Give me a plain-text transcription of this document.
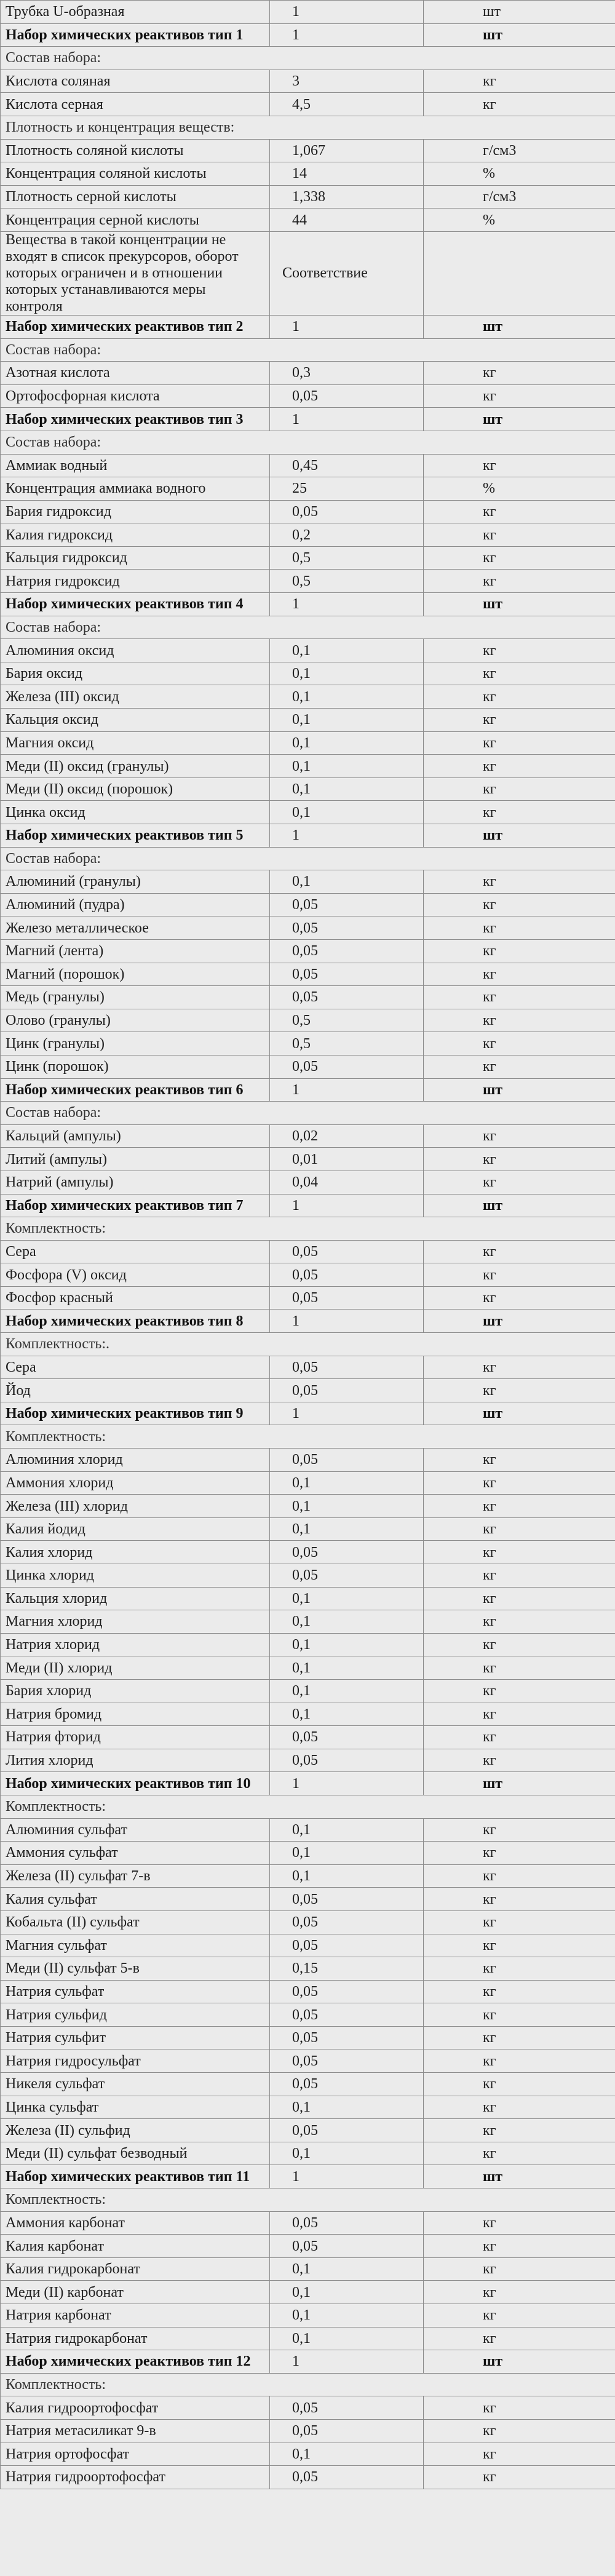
Трубка U-образная	1	шт
Набор химических реактивов тип 1	1	шт
Состав набора:		
Кислота соляная	3	кг
Кислота серная	4,5	кг
Плотность и концентрация веществ:		
Плотность соляной кислоты	1,067	г/см3
Концентрация соляной кислоты	14	%
Плотность серной кислоты	1,338	г/см3
Концентрация серной кислоты	44	%
Вещества в такой концентрации не входят в список прекурсоров, оборот которых ограничен и в отношении которых устанавливаются меры контроля	Соответствие	
Набор химических реактивов тип 2	1	шт
Состав набора:		
Азотная кислота	0,3	кг
Ортофосфорная кислота	0,05	кг
Набор химических реактивов тип 3	1	шт
Состав набора:		
Аммиак водный	0,45	кг
Концентрация аммиака водного	25	%
Бария гидроксид	0,05	кг
Калия гидроксид	0,2	кг
Кальция гидроксид	0,5	кг
Натрия гидроксид	0,5	кг
Набор химических реактивов тип 4	1	шт
Состав набора:		
Алюминия оксид	0,1	кг
Бария оксид	0,1	кг
Железа (III) оксид	0,1	кг
Кальция оксид	0,1	кг
Магния оксид	0,1	кг
Меди (II) оксид (гранулы)	0,1	кг
Меди (II) оксид (порошок)	0,1	кг
Цинка оксид	0,1	кг
Набор химических реактивов тип 5	1	шт
Состав набора:		
Алюминий (гранулы)	0,1	кг
Алюминий (пудра)	0,05	кг
Железо металлическое	0,05	кг
Магний (лента)	0,05	кг
Магний (порошок)	0,05	кг
Медь (гранулы)	0,05	кг
Олово (гранулы)	0,5	кг
Цинк (гранулы)	0,5	кг
Цинк (порошок)	0,05	кг
Набор химических реактивов тип 6	1	шт
Состав набора:		
Кальций (ампулы)	0,02	кг
Литий (ампулы)	0,01	кг
Натрий (ампулы)	0,04	кг
Набор химических реактивов тип 7	1	шт
Комплектность:		
Сера	0,05	кг
Фосфора (V) оксид	0,05	кг
Фосфор красный	0,05	кг
Набор химических реактивов тип 8	1	шт
Комплектность:.		
Сера	0,05	кг
Йод	0,05	кг
Набор химических реактивов тип 9	1	шт
Комплектность:		
Алюминия хлорид	0,05	кг
Аммония хлорид	0,1	кг
Железа (III) хлорид	0,1	кг
Калия йодид	0,1	кг
Калия хлорид	0,05	кг
Цинка хлорид	0,05	кг
Кальция хлорид	0,1	кг
Магния хлорид	0,1	кг
Натрия хлорид	0,1	кг
Меди (II) хлорид	0,1	кг
Бария хлорид	0,1	кг
Натрия бромид	0,1	кг
Натрия фторид	0,05	кг
Лития хлорид	0,05	кг
Набор химических реактивов тип 10	1	шт
Комплектность:		
Алюминия сульфат	0,1	кг
Аммония сульфат	0,1	кг
Железа (II) сульфат 7-в	0,1	кг
Калия сульфат	0,05	кг
Кобальта (II) сульфат	0,05	кг
Магния сульфат	0,05	кг
Меди (II) сульфат 5-в	0,15	кг
Натрия сульфат	0,05	кг
Натрия сульфид	0,05	кг
Натрия сульфит	0,05	кг
Натрия гидросульфат	0,05	кг
Никеля сульфат	0,05	кг
Цинка сульфат	0,1	кг
Железа (II) сульфид	0,05	кг
Меди (II) сульфат безводный	0,1	кг
Набор химических реактивов тип 11	1	шт
Комплектность:		
Аммония карбонат	0,05	кг
Калия карбонат	0,05	кг
Калия гидрокарбонат	0,1	кг
Меди (II) карбонат	0,1	кг
Натрия карбонат	0,1	кг
Натрия гидрокарбонат	0,1	кг
Набор химических реактивов тип 12	1	шт
Комплектность:		
Калия гидроортофосфат	0,05	кг
Натрия метасиликат 9-в	0,05	кг
Натрия ортофосфат	0,1	кг
Натрия гидроортофосфат	0,05	кг
